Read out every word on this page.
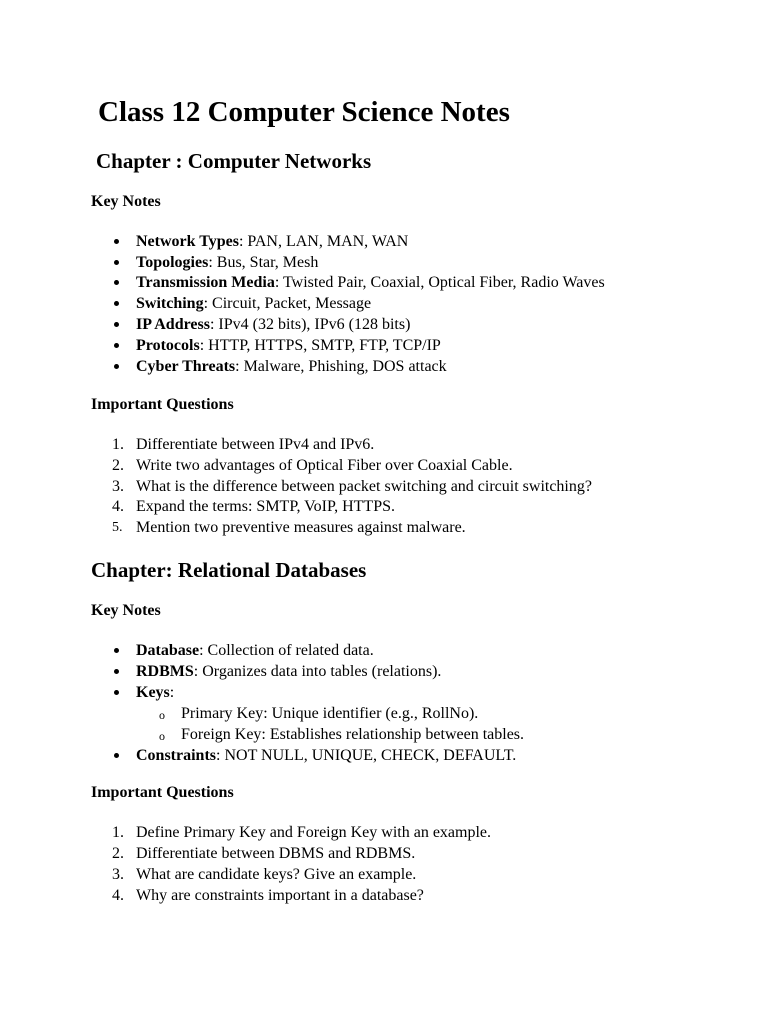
Class 12 Computer Science Notes
Chapter : Computer Networks
Key Notes
Network Types: PAN, LAN, MAN, WAN
Topologies: Bus, Star, Mesh
Transmission Media: Twisted Pair, Coaxial, Optical Fiber, Radio Waves
Switching: Circuit, Packet, Message
IP Address: IPv4 (32 bits), IPv6 (128 bits)
Protocols: HTTP, HTTPS, SMTP, FTP, TCP/IP
Cyber Threats: Malware, Phishing, DOS attack
Important Questions
1. Differentiate between IPv4 and IPv6.
2. Write two advantages of Optical Fiber over Coaxial Cable.
3. What is the difference between packet switching and circuit switching?
4. Expand the terms: SMTP, VoIP, HTTPS.
5. Mention two preventive measures against malware.
Chapter: Relational Databases
Key Notes
Database: Collection of related data.
RDBMS: Organizes data into tables (relations).
Keys:
o Primary Key: Unique identifier (e.g., RollNo).
o Foreign Key: Establishes relationship between tables.
Constraints: NOT NULL, UNIQUE, CHECK, DEFAULT.
Important Questions
1. Define Primary Key and Foreign Key with an example.
2. Differentiate between DBMS and RDBMS.
3. What are candidate keys? Give an example.
4. Why are constraints important in a database?
